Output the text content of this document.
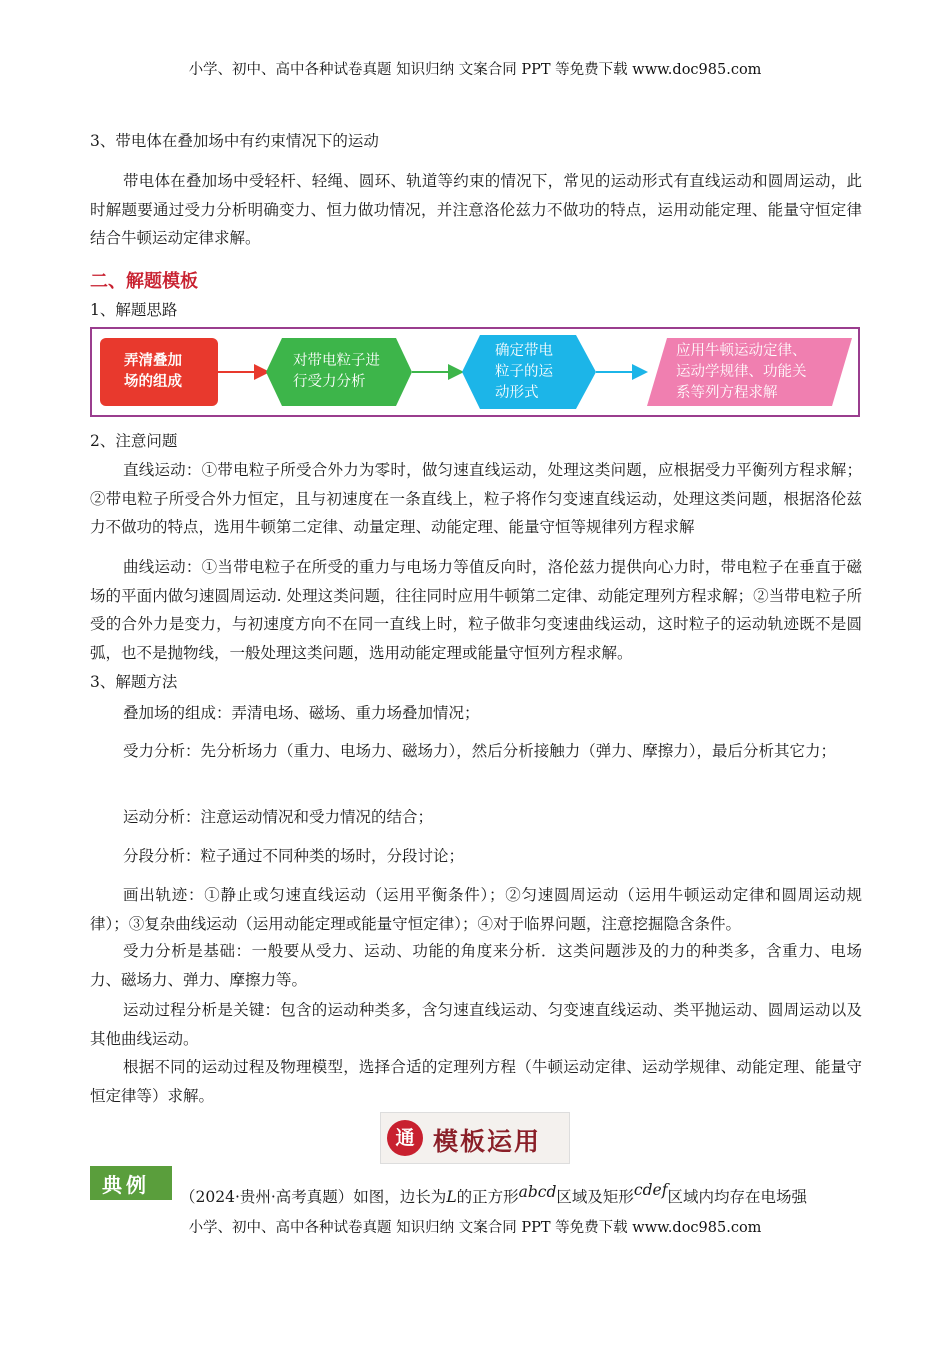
小学、初中、高中各种试卷真题 知识归纳 文案合同 PPT 等免费下载 www.doc985.com
3、带电体在叠加场中有约束情况下的运动
带电体在叠加场中受轻杆、轻绳、圆环、轨道等约束的情况下，常见的运动形式有直线运动和圆周运动，此时解题要通过受力分析明确变力、恒力做功情况，并注意洛伦兹力不做功的特点，运用动能定理、能量守恒定律结合牛顿运动定律求解。
二、解题模板
1、解题思路
弄清叠加
场的组成
对带电粒子进
行受力分析
确定带电
粒子的运
动形式
应用牛顿运动定律、
运动学规律、功能关
系等列方程求解
2、注意问题
直线运动：①带电粒子所受合外力为零时，做匀速直线运动，处理这类问题，应根据受力平衡列方程求解；②带电粒子所受合外力恒定，且与初速度在一条直线上，粒子将作匀变速直线运动，处理这类问题，根据洛伦兹力不做功的特点，选用牛顿第二定律、动量定理、动能定理、能量守恒等规律列方程求解
曲线运动：①当带电粒子在所受的重力与电场力等值反向时，洛伦兹力提供向心力时，带电粒子在垂直于磁场的平面内做匀速圆周运动. 处理这类问题，往往同时应用牛顿第二定律、动能定理列方程求解；②当带电粒子所受的合外力是变力，与初速度方向不在同一直线上时，粒子做非匀变速曲线运动，这时粒子的运动轨迹既不是圆弧，也不是抛物线，一般处理这类问题，选用动能定理或能量守恒列方程求解。
3、解题方法
叠加场的组成：弄清电场、磁场、重力场叠加情况；
受力分析：先分析场力（重力、电场力、磁场力），然后分析接触力（弹力、摩擦力），最后分析其它力；
运动分析：注意运动情况和受力情况的结合；
分段分析：粒子通过不同种类的场时，分段讨论；
画出轨迹：①静止或匀速直线运动（运用平衡条件）；②匀速圆周运动（运用牛顿运动定律和圆周运动规律）；③复杂曲线运动（运用动能定理或能量守恒定律）；④对于临界问题，注意挖掘隐含条件。
受力分析是基础：一般要从受力、运动、功能的角度来分析．这类问题涉及的力的种类多，含重力、电场力、磁场力、弹力、摩擦力等。
运动过程分析是关键：包含的运动种类多，含匀速直线运动、匀变速直线运动、类平抛运动、圆周运动以及其他曲线运动。
根据不同的运动过程及物理模型，选择合适的定理列方程（牛顿运动定律、运动学规律、动能定理、能量守恒定律等）求解。
通 模板运用
典例 （2024·贵州·高考真题）如图，边长为L的正方形abcd区域及矩形cdef区域内均存在电场强
小学、初中、高中各种试卷真题 知识归纳 文案合同 PPT 等免费下载 www.doc985.com
